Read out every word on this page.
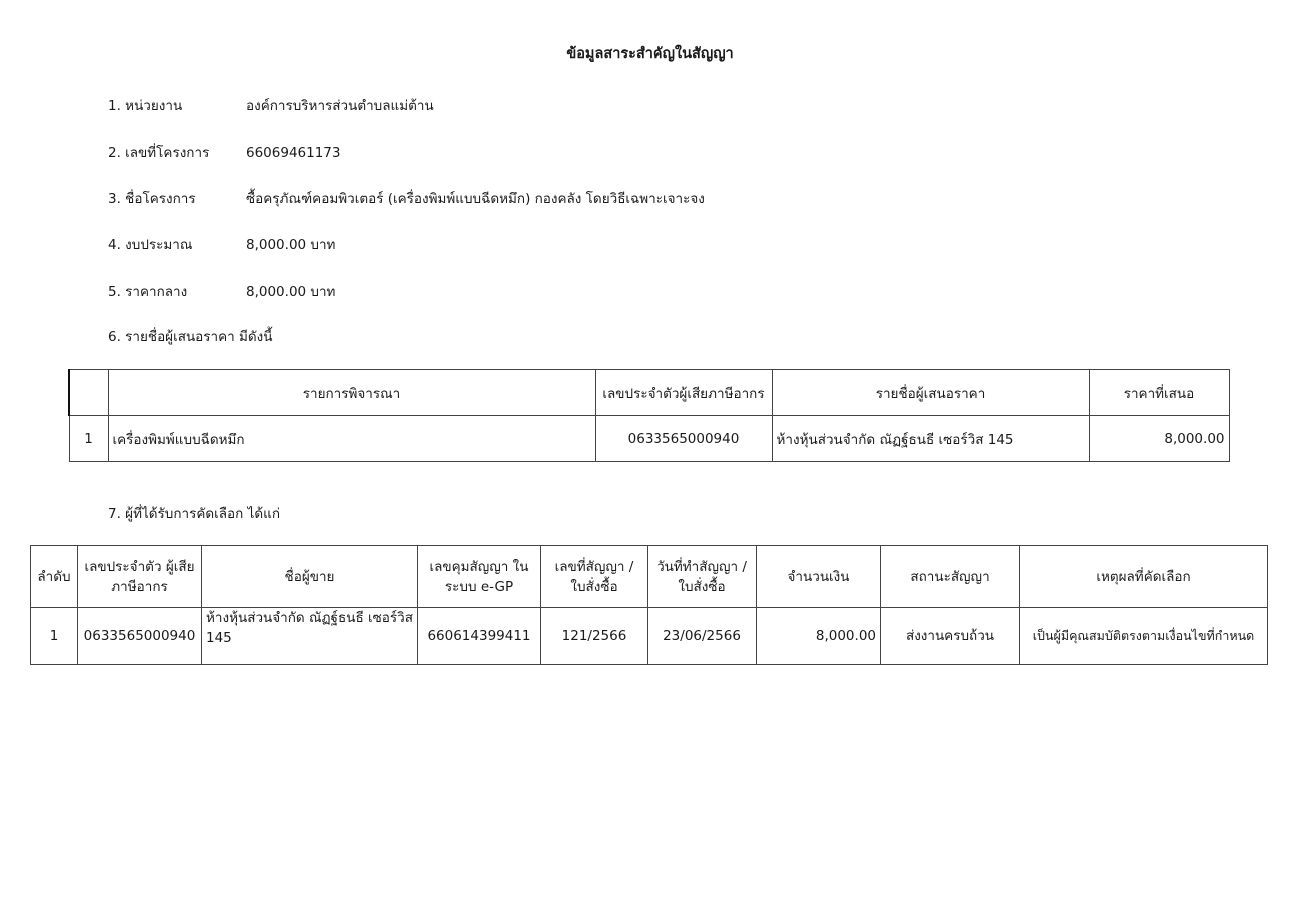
ข้อมูลสาระสำคัญในสัญญา
1. หน่วยงาน	องค์การบริหารส่วนตำบลแม่ต้าน
2. เลขที่โครงการ	66069461173
3. ชื่อโครงการ	ซื้อครุภัณฑ์คอมพิวเตอร์ (เครื่องพิมพ์แบบฉีดหมึก) กองคลัง โดยวิธีเฉพาะเจาะจง
4. งบประมาณ	8,000.00 บาท
5. ราคากลาง	8,000.00 บาท
6. รายชื่อผู้เสนอราคา มีดังนี้
	รายการพิจารณา	เลขประจำตัวผู้เสียภาษีอากร	รายชื่อผู้เสนอราคา	ราคาที่เสนอ
1	เครื่องพิมพ์แบบฉีดหมึก	0633565000940	ห้างหุ้นส่วนจำกัด ณัฏฐ์ธนธี เซอร์วิส 145	8,000.00
7. ผู้ที่ได้รับการคัดเลือก ได้แก่
ลำดับ	เลขประจำตัว ผู้เสียภาษีอากร	ชื่อผู้ขาย	เลขคุมสัญญา ในระบบ e-GP	เลขที่สัญญา / ใบสั่งซื้อ	วันที่ทำสัญญา / ใบสั่งซื้อ	จำนวนเงิน	สถานะสัญญา	เหตุผลที่คัดเลือก
1	0633565000940	ห้างหุ้นส่วนจำกัด ณัฏฐ์ธนธี เซอร์วิส 145	660614399411	121/2566	23/06/2566	8,000.00	ส่งงานครบถ้วน	เป็นผู้มีคุณสมบัติตรงตามเงื่อนไขที่กำหนด
